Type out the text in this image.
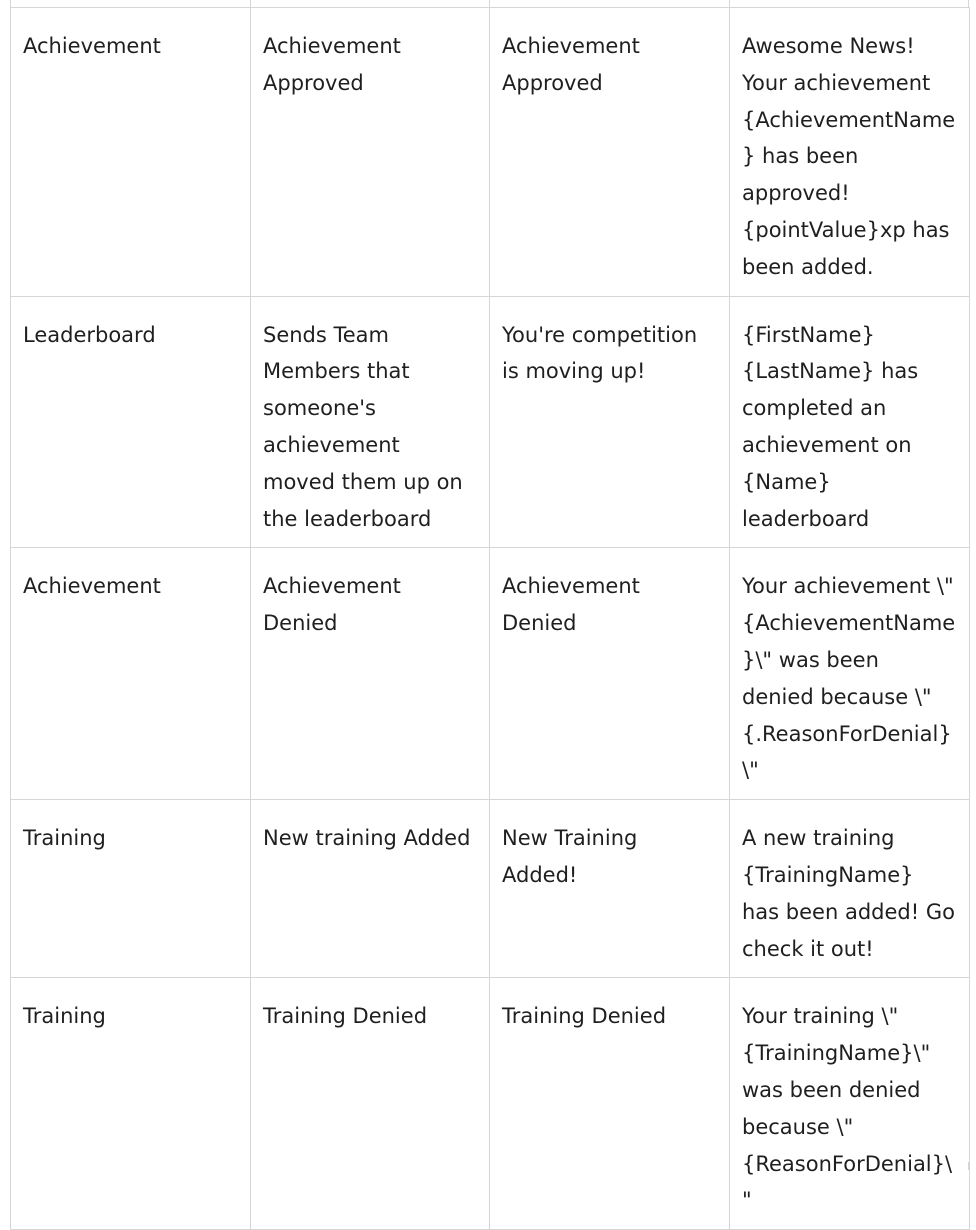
Achievement	Achievement Approved	Achievement Approved	Awesome News! Your achievement {AchievementName} has been approved! {pointValue}xp has been added.
Leaderboard	Sends Team Members that someone's achievement moved them up on the leaderboard	You're competition is moving up!	{FirstName} {LastName} has completed an achievement on {Name} leaderboard
Achievement	Achievement Denied	Achievement Denied	Your achievement \"{AchievementName}\" was been denied because \"{.ReasonForDenial}\"
Training	New training Added	New Training Added!	A new training {TrainingName} has been added! Go check it out!
Training	Training Denied	Training Denied	Your training \"{TrainingName}\" was been denied because \"{ReasonForDenial}\"
